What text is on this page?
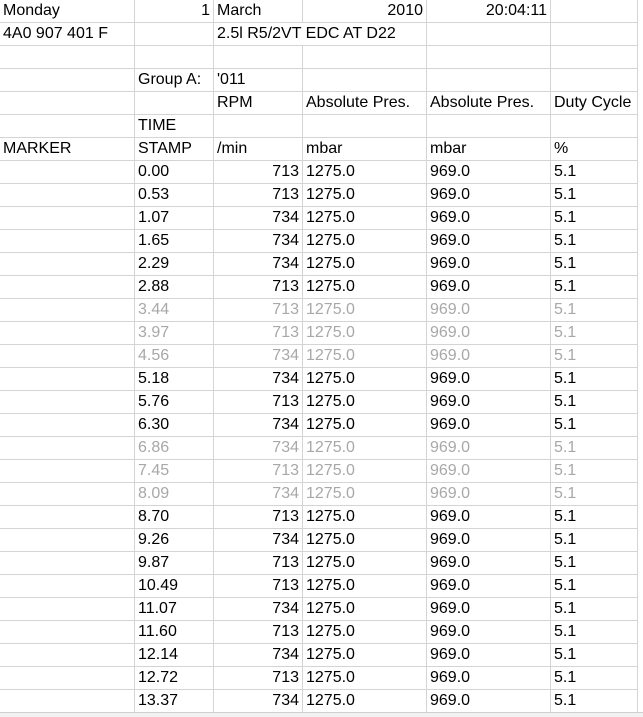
Monday	1	March	2010	20:04:11	
4A0 907 401 F		2.5l R5/2VT EDC AT D22			

	Group A:	'011			
		RPM	Absolute Pres.	Absolute Pres.	Duty Cycle
	TIME				
MARKER	STAMP	/min	mbar	mbar	%
	0.00	713	1275.0	969.0	5.1
	0.53	713	1275.0	969.0	5.1
	1.07	734	1275.0	969.0	5.1
	1.65	734	1275.0	969.0	5.1
	2.29	734	1275.0	969.0	5.1
	2.88	713	1275.0	969.0	5.1
	3.44	713	1275.0	969.0	5.1
	3.97	713	1275.0	969.0	5.1
	4.56	734	1275.0	969.0	5.1
	5.18	734	1275.0	969.0	5.1
	5.76	713	1275.0	969.0	5.1
	6.30	734	1275.0	969.0	5.1
	6.86	734	1275.0	969.0	5.1
	7.45	713	1275.0	969.0	5.1
	8.09	734	1275.0	969.0	5.1
	8.70	713	1275.0	969.0	5.1
	9.26	734	1275.0	969.0	5.1
	9.87	713	1275.0	969.0	5.1
	10.49	713	1275.0	969.0	5.1
	11.07	734	1275.0	969.0	5.1
	11.60	713	1275.0	969.0	5.1
	12.14	734	1275.0	969.0	5.1
	12.72	713	1275.0	969.0	5.1
	13.37	734	1275.0	969.0	5.1
